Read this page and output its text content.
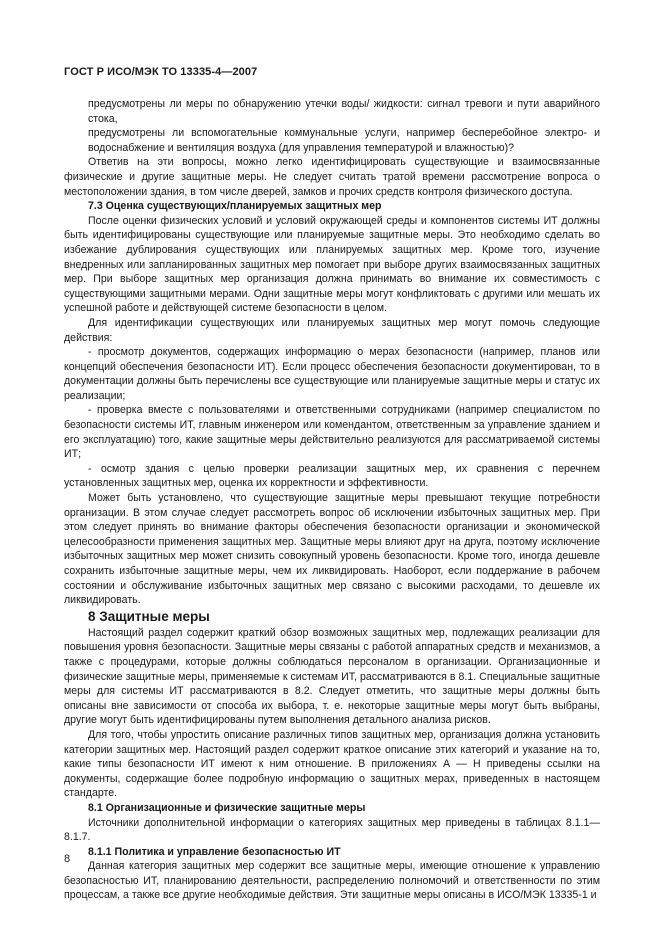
ГОСТ Р ИСО/МЭК ТО 13335-4—2007

предусмотрены ли меры по обнаружению утечки воды/ жидкости: сигнал тревоги и пути аварийного стока,

предусмотрены ли вспомогательные коммунальные услуги, например бесперебойное электро- и водоснабжение и вентиляция воздуха (для управления температурой и влажностью)?

Ответив на эти вопросы, можно легко идентифицировать существующие и взаимосвязанные физические и другие защитные меры. Не следует считать тратой времени рассмотрение вопроса о местоположении здания, в том числе дверей, замков и прочих средств контроля физического доступа.

7.3 Оценка существующих/планируемых защитных мер

После оценки физических условий и условий окружающей среды и компонентов системы ИТ должны быть идентифицированы существующие или планируемые защитные меры. Это необходимо сделать во избежание дублирования существующих или планируемых защитных мер. Кроме того, изучение внедренных или запланированных защитных мер помогает при выборе других взаимосвязанных защитных мер. При выборе защитных мер организация должна принимать во внимание их совместимость с существующими защитными мерами. Одни защитные меры могут конфликтовать с другими или мешать их успешной работе и действующей системе безопасности в целом.

Для идентификации существующих или планируемых защитных мер могут помочь следующие действия:

- просмотр документов, содержащих информацию о мерах безопасности (например, планов или концепций обеспечения безопасности ИТ). Если процесс обеспечения безопасности документирован, то в документации должны быть перечислены все существующие или планируемые защитные меры и статус их реализации;

- проверка вместе с пользователями и ответственными сотрудниками (например специалистом по безопасности системы ИТ, главным инженером или комендантом, ответственным за управление зданием и его эксплуатацию) того, какие защитные меры действительно реализуются для рассматриваемой системы ИТ;

- осмотр здания с целью проверки реализации защитных мер, их сравнения с перечнем установленных защитных мер, оценка их корректности и эффективности.

Может быть установлено, что существующие защитные меры превышают текущие потребности организации. В этом случае следует рассмотреть вопрос об исключении избыточных защитных мер. При этом следует принять во внимание факторы обеспечения безопасности организации и экономической целесообразности применения защитных мер. Защитные меры влияют друг на друга, поэтому исключение избыточных защитных мер может снизить совокупный уровень безопасности. Кроме того, иногда дешевле сохранить избыточные защитные меры, чем их ликвидировать. Наоборот, если поддержание в рабочем состоянии и обслуживание избыточных защитных мер связано с высокими расходами, то дешевле их ликвидировать.

8 Защитные меры

Настоящий раздел содержит краткий обзор возможных защитных мер, подлежащих реализации для повышения уровня безопасности. Защитные меры связаны с работой аппаратных средств и механизмов, а также с процедурами, которые должны соблюдаться персоналом в организации. Организационные и физические защитные меры, применяемые к системам ИТ, рассматриваются в 8.1. Специальные защитные меры для системы ИТ рассматриваются в 8.2. Следует отметить, что защитные меры должны быть описаны вне зависимости от способа их выбора, т. е. некоторые защитные меры могут быть выбраны, другие могут быть идентифицированы путем выполнения детального анализа рисков.

Для того, чтобы упростить описание различных типов защитных мер, организация должна установить категории защитных мер. Настоящий раздел содержит краткое описание этих категорий и указание на то, какие типы безопасности ИТ имеют к ним отношение. В приложениях А — Н приведены ссылки на документы, содержащие более подробную информацию о защитных мерах, приведенных в настоящем стандарте.

8.1 Организационные и физические защитные меры

Источники дополнительной информации о категориях защитных мер приведены в таблицах 8.1.1— 8.1.7.

8.1.1 Политика и управление безопасностью ИТ

Данная категория защитных мер содержит все защитные меры, имеющие отношение к управлению безопасностью ИТ, планированию деятельности, распределению полномочий и ответственности по этим процессам, а также все другие необходимые действия. Эти защитные меры описаны в ИСО/МЭК 13335-1 и

8
